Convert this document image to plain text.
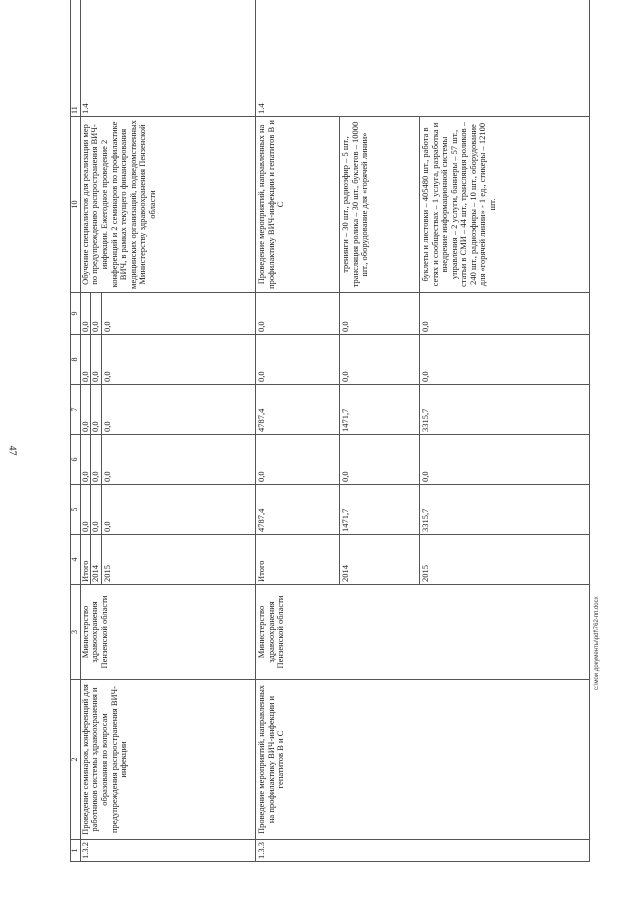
47
1	2	3	4	5	6	7	8	9	10	11
1.3.2	Проведение семинаров, конференций для работников системы здравоохранения и образования по вопросам предупреждения распространения ВИЧ-инфекции	Министерство здравоохранения Пензенской области	Итого	0,0	0,0	0,0	0,0	0,0	Обучение специалистов для реализации мер по предупреждению распространения ВИЧ-инфекции. Ежегодное проведение 2 конференций и 2 семинаров по профилактике ВИЧ, в рамках текущего финансирования медицинских организаций, подведомственных Министерству здравоохранения Пензенской области	1.4
			2014	0,0	0,0	0,0	0,0	0,0		
			2015	0,0	0,0	0,0	0,0	0,0		
1.3.3	Проведение мероприятий, направленных на профилактику ВИЧ-инфекции и гепатитов В и С	Министерство здравоохранения Пензенской области	Итого	4787,4	0,0	4787,4	0,0	0,0	Проведение мероприятий, направленных на профилактику ВИЧ-инфекции и гепатитов В и С	1.4
			2014	1471,7	0,0	1471,7	0,0	0,0	тренинги – 30 шт., радиоэфир – 5 шт., трансляция ролика – 30 шт., буклетов – 10000 шт., оборудование для «горячей линии»	
			2015	3315,7	0,0	3315,7	0,0	0,0	буклеты и листовки – 405480 шт., работа в сетях и сообществах – 1 услуга, разработка и внедрение информационной системы управления – 2 услуги, баннеры – 57 шт., статьи в СМИ – 44 шт., трансляция роликов – 240 шт., радиоэфиры – 10 шт., оборудование для «горячей линии» - 1 ед., стикеры – 12100 шт.	
c:\мои документы\pdf\762-пп.docx
